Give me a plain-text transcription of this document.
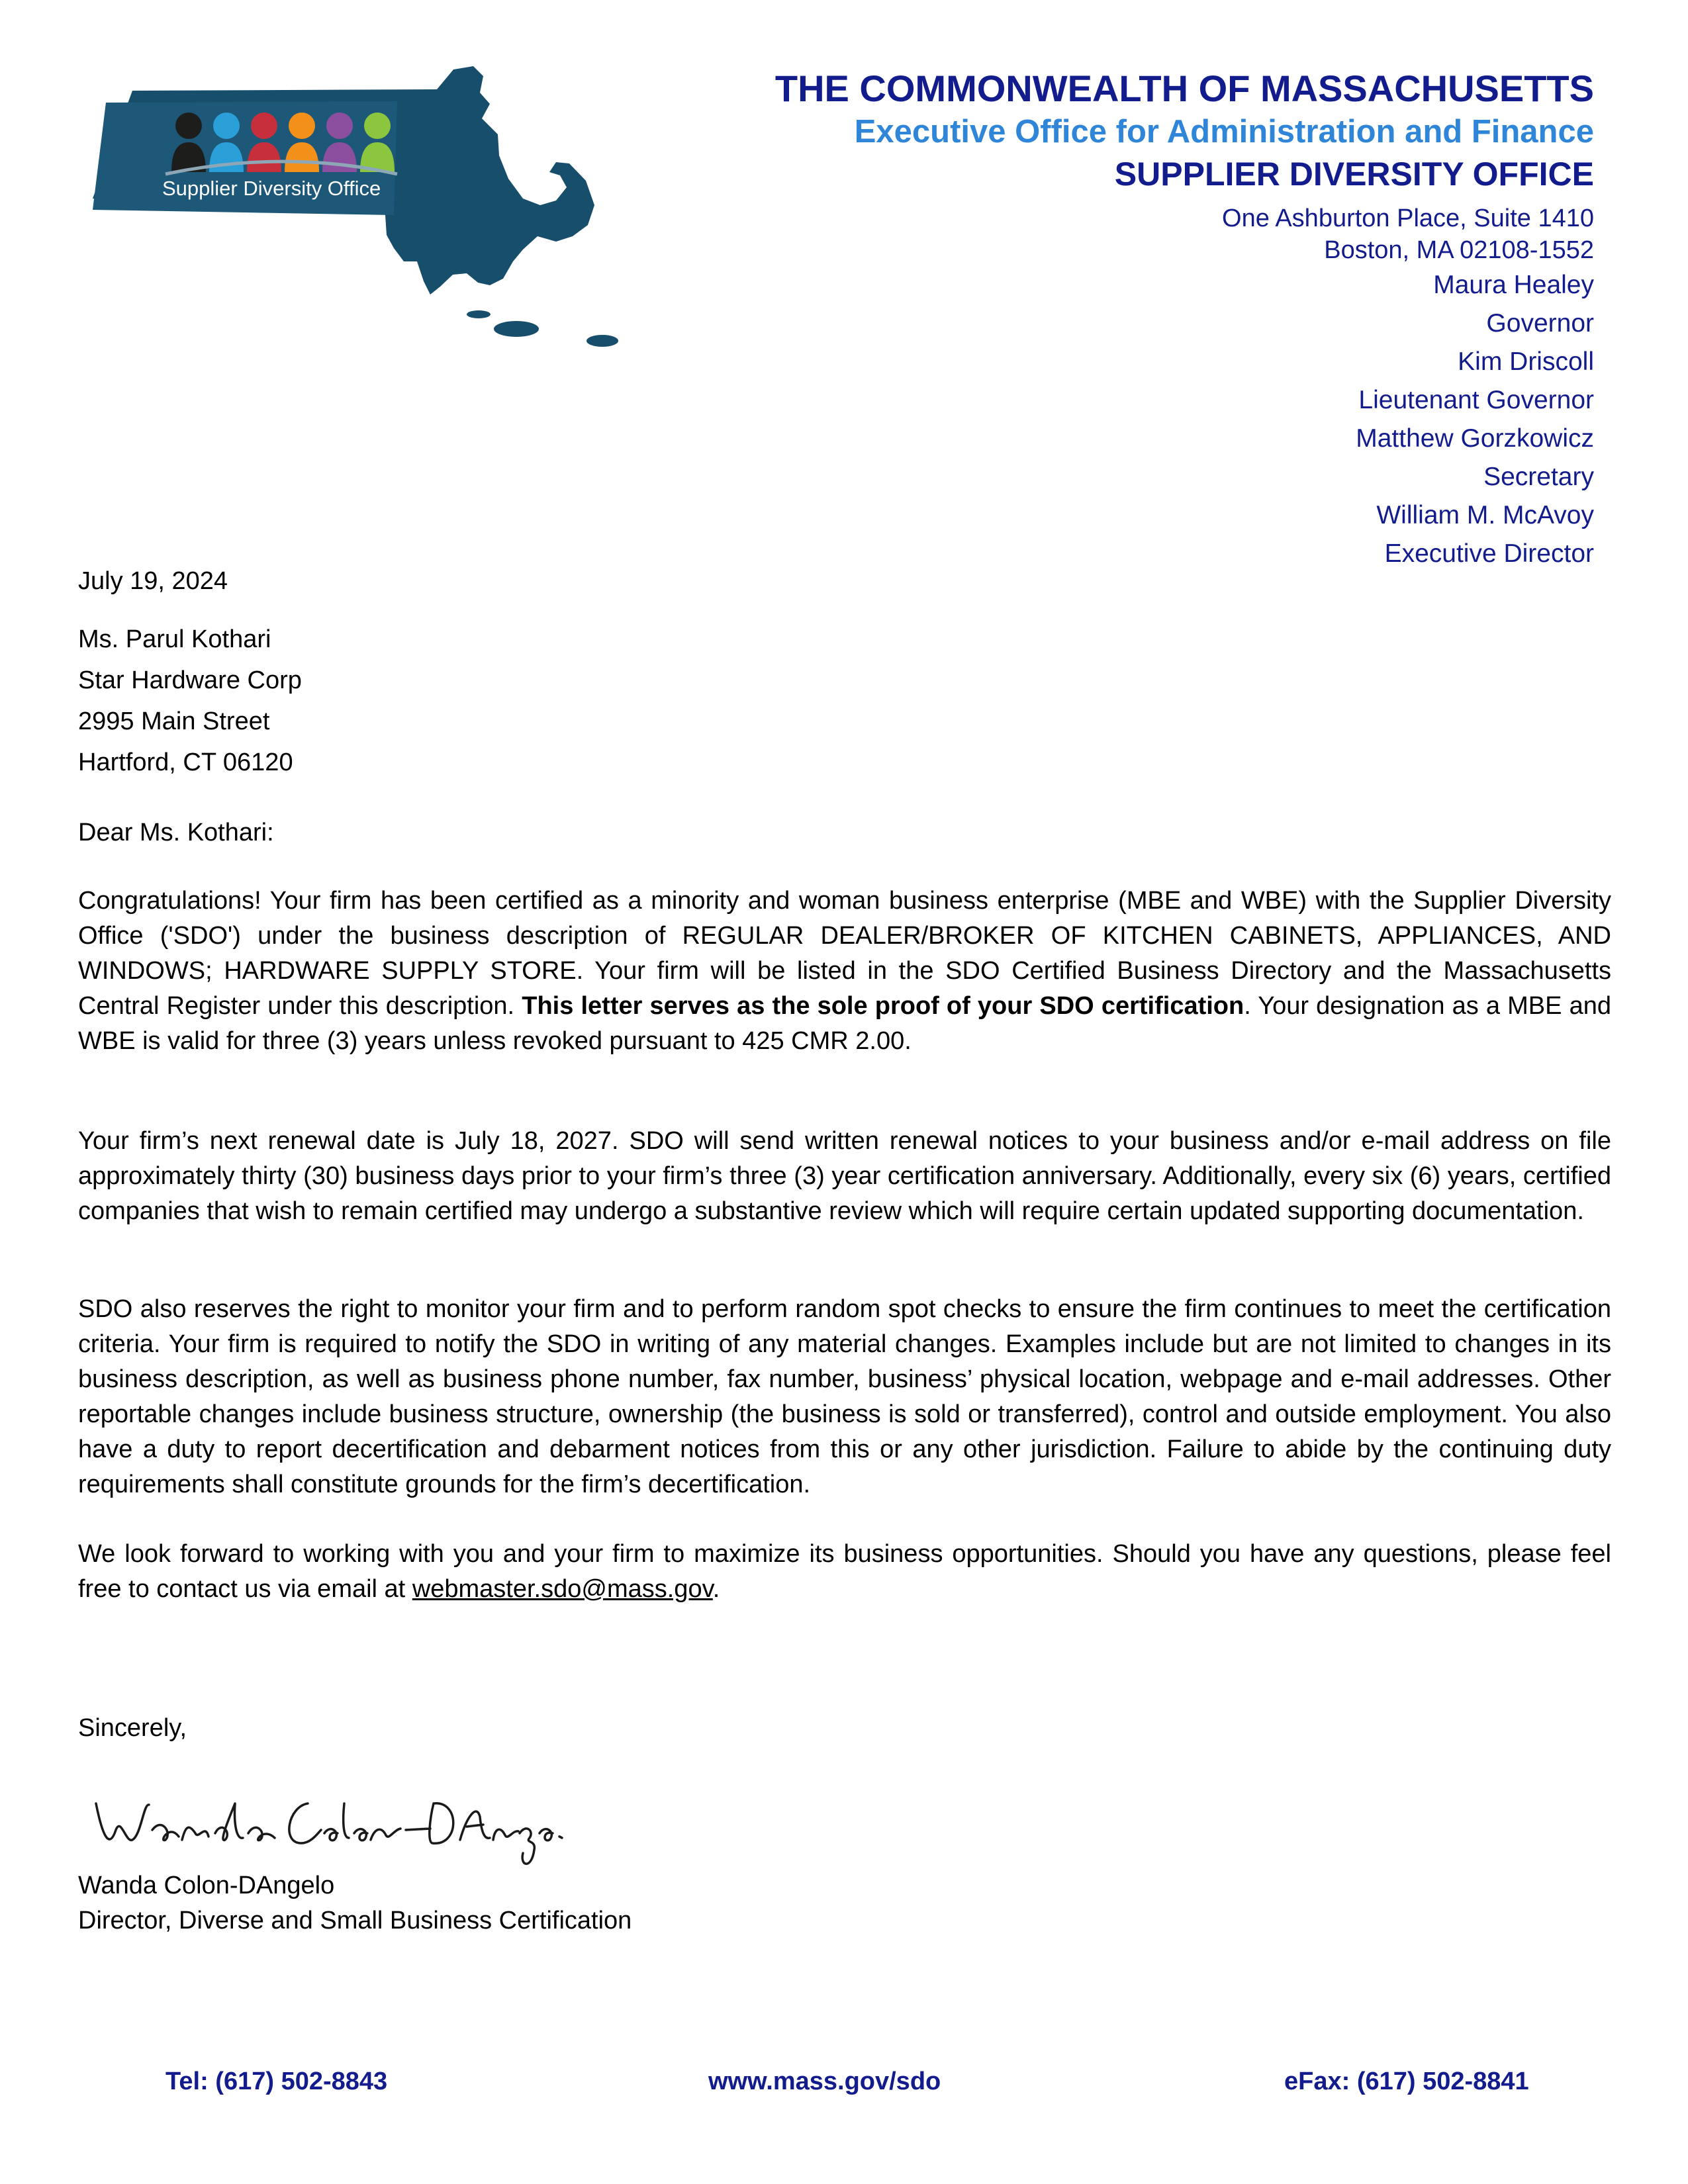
Supplier Diversity Office
THE COMMONWEALTH OF MASSACHUSETTS
Executive Office for Administration and Finance
SUPPLIER DIVERSITY OFFICE
One Ashburton Place, Suite 1410
Boston, MA 02108-1552
Maura Healey
Governor
Kim Driscoll
Lieutenant Governor
Matthew Gorzkowicz
Secretary
William M. McAvoy
Executive Director
July 19, 2024
Ms. Parul Kothari
Star Hardware Corp
2995 Main Street
Hartford, CT 06120
Dear Ms. Kothari:

Congratulations! Your firm has been certified as a minority and woman business enterprise (MBE and WBE) with the Supplier Diversity Office ('SDO') under the business description of REGULAR DEALER/BROKER OF KITCHEN CABINETS, APPLIANCES, AND WINDOWS; HARDWARE SUPPLY STORE. Your firm will be listed in the SDO Certified Business Directory and the Massachusetts Central Register under this description. This letter serves as the sole proof of your SDO certification. Your designation as a MBE and WBE is valid for three (3) years unless revoked pursuant to 425 CMR 2.00.

Your firm’s next renewal date is July 18, 2027. SDO will send written renewal notices to your business and/or e-mail address on file approximately thirty (30) business days prior to your firm’s three (3) year certification anniversary. Additionally, every six (6) years, certified companies that wish to remain certified may undergo a substantive review which will require certain updated supporting documentation.

SDO also reserves the right to monitor your firm and to perform random spot checks to ensure the firm continues to meet the certification criteria. Your firm is required to notify the SDO in writing of any material changes. Examples include but are not limited to changes in its business description, as well as business phone number, fax number, business’ physical location, webpage and e-mail addresses. Other reportable changes include business structure, ownership (the business is sold or transferred), control and outside employment. You also have a duty to report decertification and debarment notices from this or any other jurisdiction. Failure to abide by the continuing duty requirements shall constitute grounds for the firm’s decertification.

We look forward to working with you and your firm to maximize its business opportunities. Should you have any questions, please feel free to contact us via email at webmaster.sdo@mass.gov.

Sincerely,
Wanda Colon-DAngelo
Director, Diverse and Small Business Certification
Tel: (617) 502-8843	www.mass.gov/sdo	eFax: (617) 502-8841
